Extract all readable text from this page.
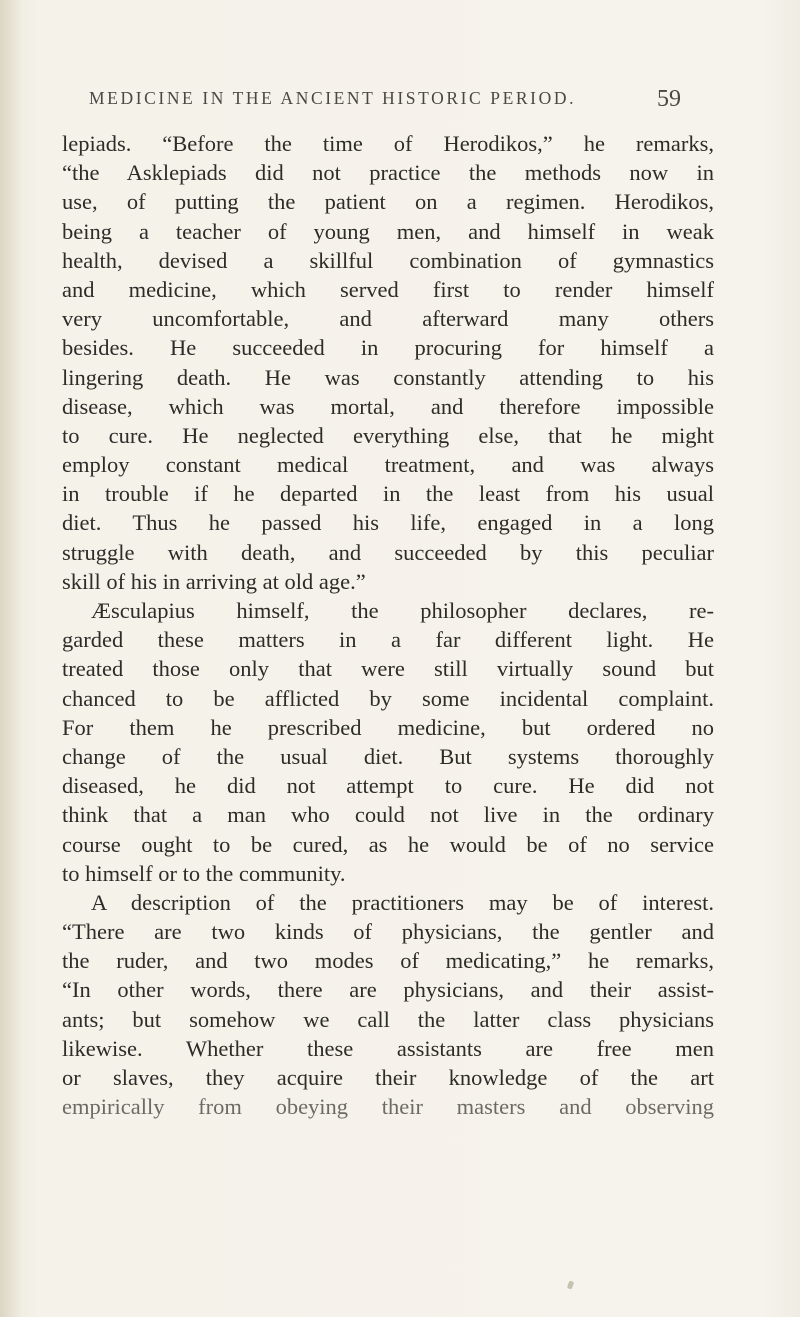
MEDICINE IN THE ANCIENT HISTORIC PERIOD.	59
lepiads. “Before the time of Herodikos,” he remarks,
“the Asklepiads did not practice the methods now in
use, of putting the patient on a regimen. Herodikos,
being a teacher of young men, and himself in weak
health, devised a skillful combination of gymnastics
and medicine, which served first to render himself
very uncomfortable, and afterward many others
besides. He succeeded in procuring for himself a
lingering death. He was constantly attending to his
disease, which was mortal, and therefore impossible
to cure. He neglected everything else, that he might
employ constant medical treatment, and was always
in trouble if he departed in the least from his usual
diet. Thus he passed his life, engaged in a long
struggle with death, and succeeded by this peculiar
skill of his in arriving at old age.”
Æsculapius himself, the philosopher declares, re-
garded these matters in a far different light. He
treated those only that were still virtually sound but
chanced to be afflicted by some incidental complaint.
For them he prescribed medicine, but ordered no
change of the usual diet. But systems thoroughly
diseased, he did not attempt to cure. He did not
think that a man who could not live in the ordinary
course ought to be cured, as he would be of no service
to himself or to the community.
A description of the practitioners may be of interest.
“There are two kinds of physicians, the gentler and
the ruder, and two modes of medicating,” he remarks,
“In other words, there are physicians, and their assist-
ants; but somehow we call the latter class physicians
likewise. Whether these assistants are free men
or slaves, they acquire their knowledge of the art
empirically from obeying their masters and observing
